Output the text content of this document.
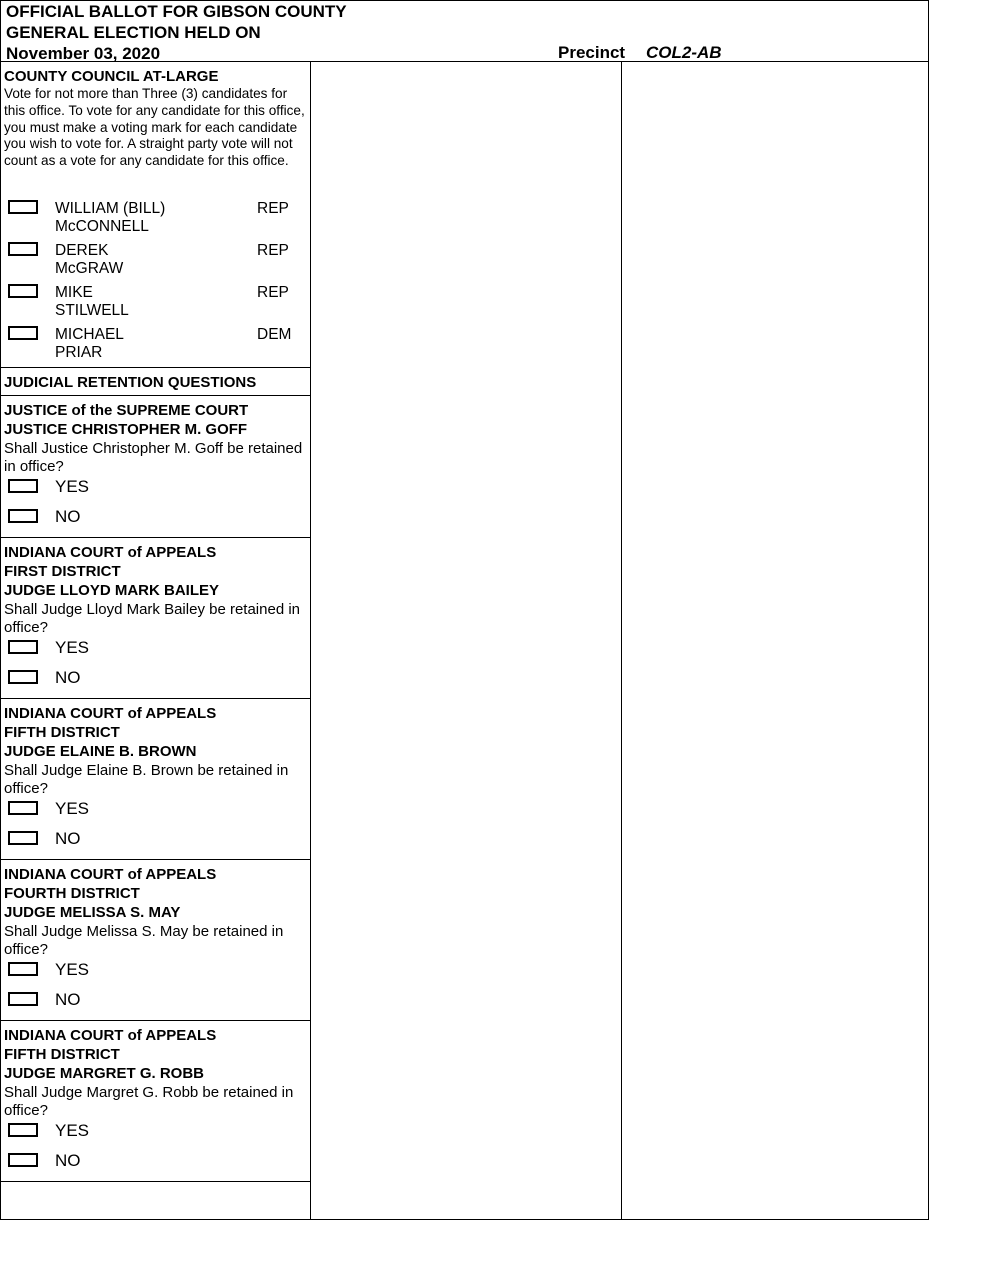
OFFICIAL BALLOT FOR GIBSON COUNTY
GENERAL ELECTION HELD ON
November 03, 2020	Precinct COL2-AB
COUNTY COUNCIL AT-LARGE
Vote for not more than Three (3) candidates for this office. To vote for any candidate for this office, you must make a voting mark for each candidate you wish to vote for. A straight party vote will not count as a vote for any candidate for this office.
WILLIAM (BILL)
McCONNELL
REP
DEREK
McGRAW
REP
MIKE
STILWELL
REP
MICHAEL
PRIAR
DEM
JUDICIAL RETENTION QUESTIONS
JUSTICE of the SUPREME COURT
JUSTICE CHRISTOPHER M. GOFF
Shall Justice Christopher M. Goff be retained in office?
YES
NO
INDIANA COURT of APPEALS
FIRST DISTRICT
JUDGE LLOYD MARK BAILEY
Shall Judge Lloyd Mark Bailey be retained in office?
YES
NO
INDIANA COURT of APPEALS
FIFTH DISTRICT
JUDGE ELAINE B. BROWN
Shall Judge Elaine B. Brown be retained in office?
YES
NO
INDIANA COURT of APPEALS
FOURTH DISTRICT
JUDGE MELISSA S. MAY
Shall Judge Melissa S. May be retained in office?
YES
NO
INDIANA COURT of APPEALS
FIFTH DISTRICT
JUDGE MARGRET G. ROBB
Shall Judge Margret G. Robb be retained in office?
YES
NO
